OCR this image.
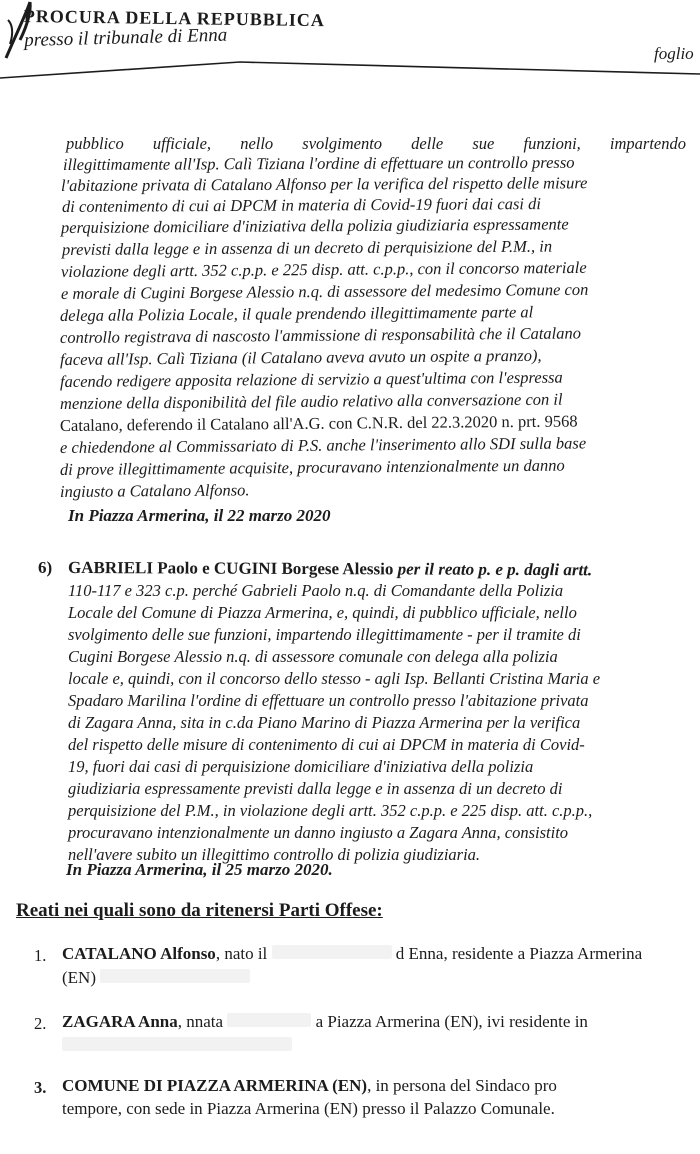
PROCURA DELLA REPUBBLICA
presso il tribunale di Enna
foglio
pubblico ufficiale, nello svolgimento delle sue funzioni, impartendo
illegittimamente all'Isp. Calì Tiziana l'ordine di effettuare un controllo presso
l'abitazione privata di Catalano Alfonso per la verifica del rispetto delle misure
di contenimento di cui ai DPCM in materia di Covid-19 fuori dai casi di
perquisizione domiciliare d'iniziativa della polizia giudiziaria espressamente
previsti dalla legge e in assenza di un decreto di perquisizione del P.M., in
violazione degli artt. 352 c.p.p. e 225 disp. att. c.p.p., con il concorso materiale
e morale di Cugini Borgese Alessio n.q. di assessore del medesimo Comune con
delega alla Polizia Locale, il quale prendendo illegittimamente parte al
controllo registrava di nascosto l'ammissione di responsabilità che il Catalano
faceva all'Isp. Calì Tiziana (il Catalano aveva avuto un ospite a pranzo),
facendo redigere apposita relazione di servizio a quest'ultima con l'espressa
menzione della disponibilità del file audio relativo alla conversazione con il
Catalano, deferendo il Catalano all'A.G. con C.N.R. del 22.3.2020 n. prt. 9568
e chiedendone al Commissariato di P.S. anche l'inserimento allo SDI sulla base
di prove illegittimamente acquisite, procuravano intenzionalmente un danno
ingiusto a Catalano Alfonso.
In Piazza Armerina, il 22 marzo 2020
6) GABRIELI Paolo e CUGINI Borgese Alessio per il reato p. e p. dagli artt.
110-117 e 323 c.p. perché Gabrieli Paolo n.q. di Comandante della Polizia
Locale del Comune di Piazza Armerina, e, quindi, di pubblico ufficiale, nello
svolgimento delle sue funzioni, impartendo illegittimamente - per il tramite di
Cugini Borgese Alessio n.q. di assessore comunale con delega alla polizia
locale e, quindi, con il concorso dello stesso - agli Isp. Bellanti Cristina Maria e
Spadaro Marilina l'ordine di effettuare un controllo presso l'abitazione privata
di Zagara Anna, sita in c.da Piano Marino di Piazza Armerina per la verifica
del rispetto delle misure di contenimento di cui ai DPCM in materia di Covid-
19, fuori dai casi di perquisizione domiciliare d'iniziativa della polizia
giudiziaria espressamente previsti dalla legge e in assenza di un decreto di
perquisizione del P.M., in violazione degli artt. 352 c.p.p. e 225 disp. att. c.p.p.,
procuravano intenzionalmente un danno ingiusto a Zagara Anna, consistito
nell'avere subito un illegittimo controllo di polizia giudiziaria.
In Piazza Armerina, il 25 marzo 2020.
Reati nei quali sono da ritenersi Parti Offese:
1. CATALANO Alfonso, nato il	d Enna, residente a Piazza Armerina
(EN)
2. ZAGARA Anna, nnata	a Piazza Armerina (EN), ivi residente in
3. COMUNE DI PIAZZA ARMERINA (EN), in persona del Sindaco pro
tempore, con sede in Piazza Armerina (EN) presso il Palazzo Comunale.
